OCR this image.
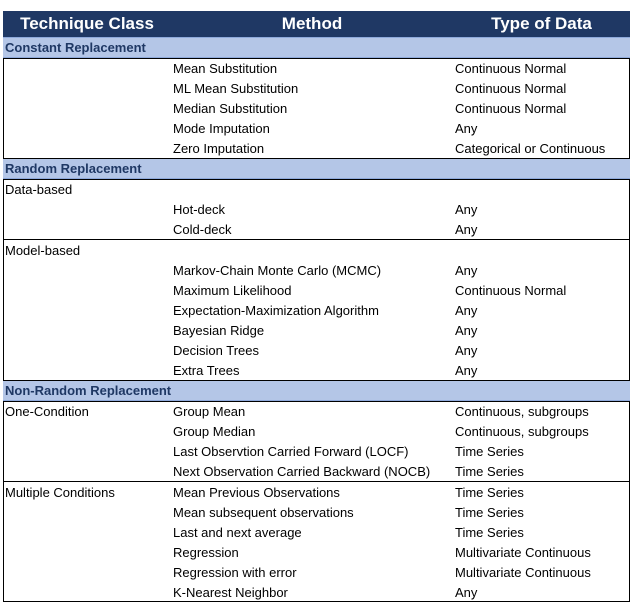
Technique Class	Method	Type of Data
Constant Replacement		
	Mean Substitution	Continuous Normal
	ML Mean Substitution	Continuous Normal
	Median Substitution	Continuous Normal
	Mode Imputation	Any
	Zero Imputation	Categorical or Continuous
Random Replacement		
Data-based		
	Hot-deck	Any
	Cold-deck	Any
Model-based		
	Markov-Chain Monte Carlo (MCMC)	Any
	Maximum Likelihood	Continuous Normal
	Expectation-Maximization Algorithm	Any
	Bayesian Ridge	Any
	Decision Trees	Any
	Extra Trees	Any
Non-Random Replacement		
One-Condition	Group Mean	Continuous, subgroups
	Group Median	Continuous, subgroups
	Last Observtion Carried Forward (LOCF)	Time Series
	Next Observation Carried Backward (NOCB)	Time Series
Multiple Conditions	Mean Previous Observations	Time Series
	Mean subsequent observations	Time Series
	Last and next average	Time Series
	Regression	Multivariate Continuous
	Regression with error	Multivariate Continuous
	K-Nearest Neighbor	Any
